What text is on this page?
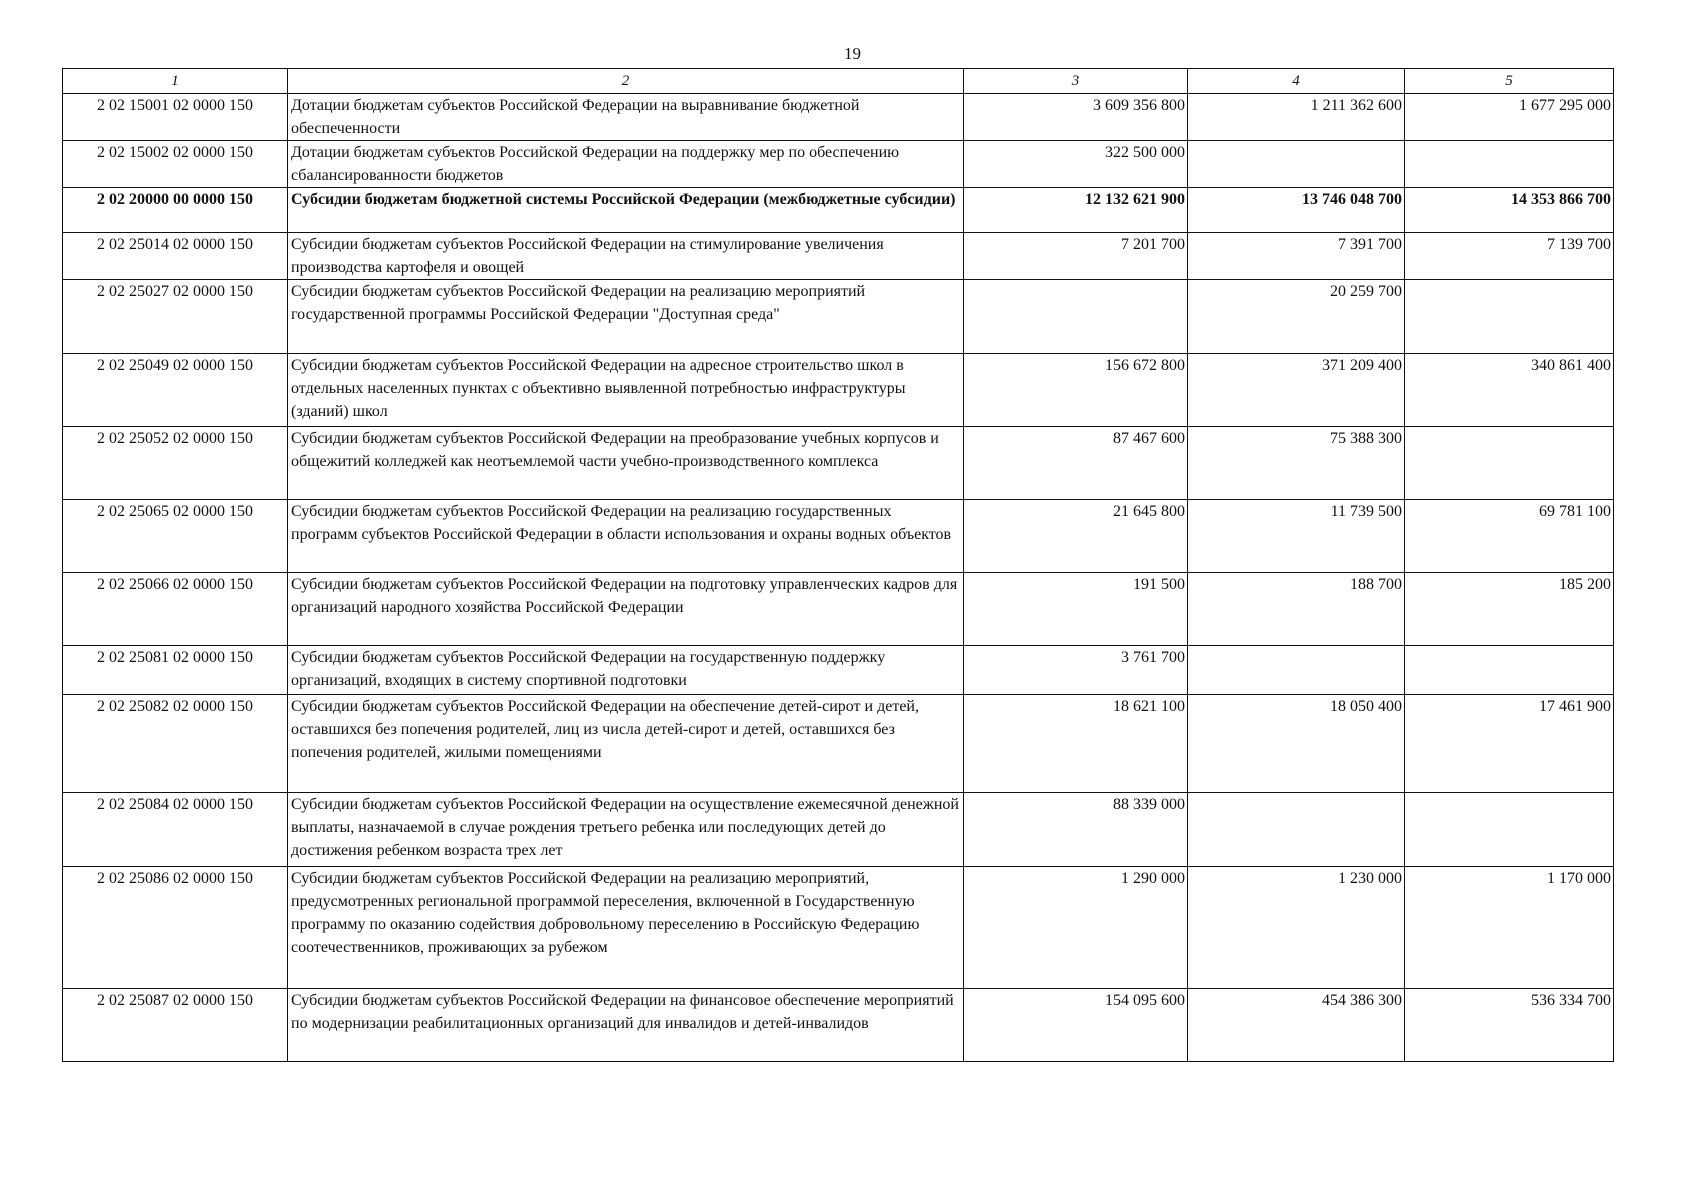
19
1	2	3	4	5
2 02 15001 02 0000 150	Дотации бюджетам субъектов Российской Федерации на выравнивание бюджетной обеспеченности	3 609 356 800	1 211 362 600	1 677 295 000
2 02 15002 02 0000 150	Дотации бюджетам субъектов Российской Федерации на поддержку мер по обеспечению сбалансированности бюджетов	322 500 000		
2 02 20000 00 0000 150	Субсидии бюджетам бюджетной системы Российской Федерации (межбюджетные субсидии)	12 132 621 900	13 746 048 700	14 353 866 700
2 02 25014 02 0000 150	Субсидии бюджетам субъектов Российской Федерации на стимулирование увеличения производства картофеля и овощей	7 201 700	7 391 700	7 139 700
2 02 25027 02 0000 150	Субсидии бюджетам субъектов Российской Федерации на реализацию мероприятий государственной программы Российской Федерации "Доступная среда"		20 259 700	
2 02 25049 02 0000 150	Субсидии бюджетам субъектов Российской Федерации на адресное строительство школ в отдельных населенных пунктах с объективно выявленной потребностью инфраструктуры (зданий) школ	156 672 800	371 209 400	340 861 400
2 02 25052 02 0000 150	Субсидии бюджетам субъектов Российской Федерации на преобразование учебных корпусов и общежитий колледжей как неотъемлемой части учебно-производственного комплекса	87 467 600	75 388 300	
2 02 25065 02 0000 150	Субсидии бюджетам субъектов Российской Федерации на реализацию государственных программ субъектов Российской Федерации в области использования и охраны водных объектов	21 645 800	11 739 500	69 781 100
2 02 25066 02 0000 150	Субсидии бюджетам субъектов Российской Федерации на подготовку управленческих кадров для организаций народного хозяйства Российской Федерации	191 500	188 700	185 200
2 02 25081 02 0000 150	Субсидии бюджетам субъектов Российской Федерации на государственную поддержку организаций, входящих в систему спортивной подготовки	3 761 700		
2 02 25082 02 0000 150	Субсидии бюджетам субъектов Российской Федерации на обеспечение детей-сирот и детей, оставшихся без попечения родителей, лиц из числа детей-сирот и детей, оставшихся без попечения родителей, жилыми помещениями	18 621 100	18 050 400	17 461 900
2 02 25084 02 0000 150	Субсидии бюджетам субъектов Российской Федерации на осуществление ежемесячной денежной выплаты, назначаемой в случае рождения третьего ребенка или последующих детей до достижения ребенком возраста трех лет	88 339 000		
2 02 25086 02 0000 150	Субсидии бюджетам субъектов Российской Федерации на реализацию мероприятий, предусмотренных региональной программой переселения, включенной в Государственную программу по оказанию содействия добровольному переселению в Российскую Федерацию соотечественников, проживающих за рубежом	1 290 000	1 230 000	1 170 000
2 02 25087 02 0000 150	Субсидии бюджетам субъектов Российской Федерации на финансовое обеспечение мероприятий по модернизации реабилитационных организаций для инвалидов и детей-инвалидов	154 095 600	454 386 300	536 334 700
